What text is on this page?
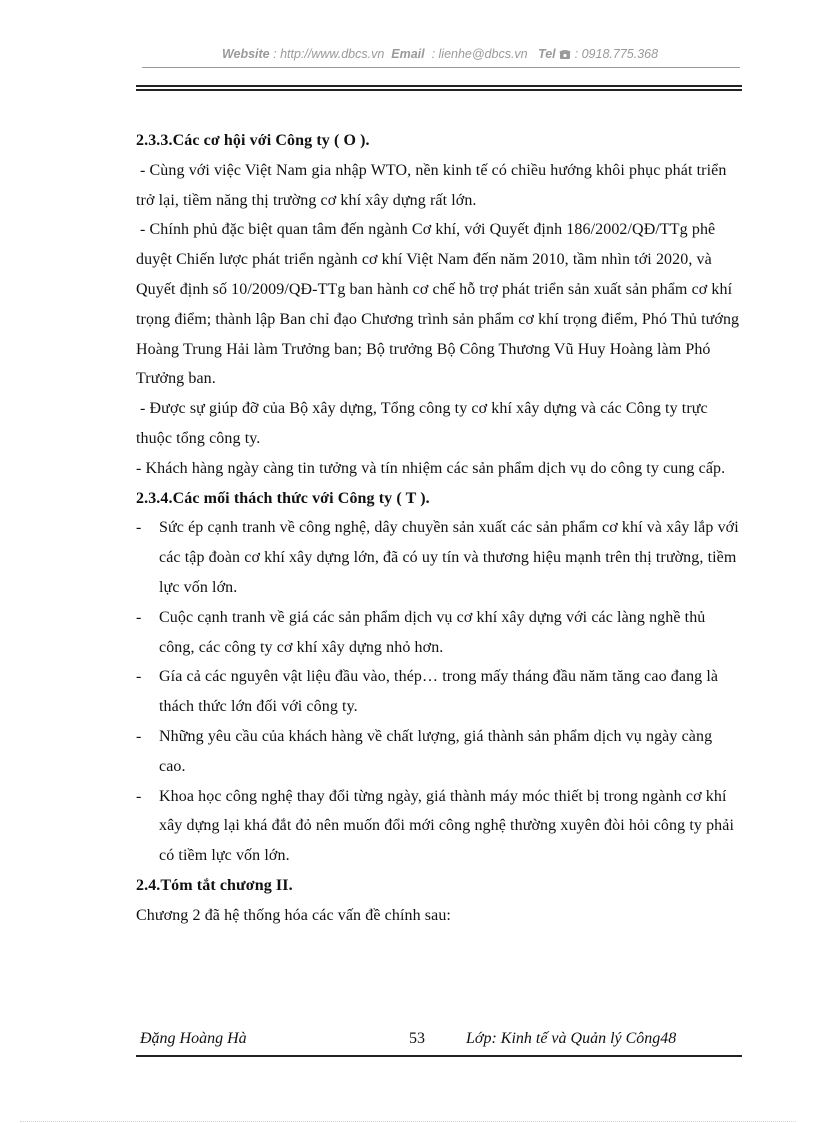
Website : http://www.dbcs.vn Email : lienhe@dbcs.vn Tel : 0918.775.368
2.3.3.Các cơ hội với Công ty ( O ).

- Cùng với việc Việt Nam gia nhập WTO, nền kinh tế có chiều hướng khôi phục phát triển trở lại, tiềm năng thị trường cơ khí xây dựng rất lớn.

- Chính phủ đặc biệt quan tâm đến ngành Cơ khí, với Quyết định 186/2002/QĐ/TTg phê duyệt Chiến lược phát triển ngành cơ khí Việt Nam đến năm 2010, tầm nhìn tới 2020, và Quyết định số 10/2009/QĐ-TTg ban hành cơ chế hỗ trợ phát triển sản xuất sản phẩm cơ khí trọng điểm; thành lập Ban chỉ đạo Chương trình sản phẩm cơ khí trọng điểm, Phó Thủ tướng Hoàng Trung Hải làm Trưởng ban; Bộ trưởng Bộ Công Thương Vũ Huy Hoàng làm Phó Trưởng ban.

- Được sự giúp đỡ của Bộ xây dựng, Tổng công ty cơ khí xây dựng và các Công ty trực thuộc tổng công ty.

- Khách hàng ngày càng tin tưởng và tín nhiệm các sản phẩm dịch vụ do công ty cung cấp.

2.3.4.Các mối thách thức với Công ty ( T ).
-	Sức ép cạnh tranh về công nghệ, dây chuyền sản xuất các sản phẩm cơ khí và xây lắp với các tập đoàn cơ khí xây dựng lớn, đã có uy tín và thương hiệu mạnh trên thị trường, tiềm lực vốn lớn.
-	Cuộc cạnh tranh về giá các sản phẩm dịch vụ cơ khí xây dựng với các làng nghề thủ công, các công ty cơ khí xây dựng nhỏ hơn.
-	Gía cả các nguyên vật liệu đầu vào, thép… trong mấy tháng đầu năm tăng cao đang là thách thức lớn đối với công ty.
-	Những yêu cầu của khách hàng về chất lượng, giá thành sản phẩm dịch vụ ngày càng cao.
-	Khoa học công nghệ thay đổi từng ngày, giá thành máy móc thiết bị trong ngành cơ khí xây dựng lại khá đắt đỏ nên muốn đổi mới công nghệ thường xuyên đòi hỏi công ty phải có tiềm lực vốn lớn.
2.4.Tóm tắt chương II.

Chương 2 đã hệ thống hóa các vấn đề chính sau:

Đặng Hoàng Hà	53	Lớp: Kinh tế và Quản lý Công48
